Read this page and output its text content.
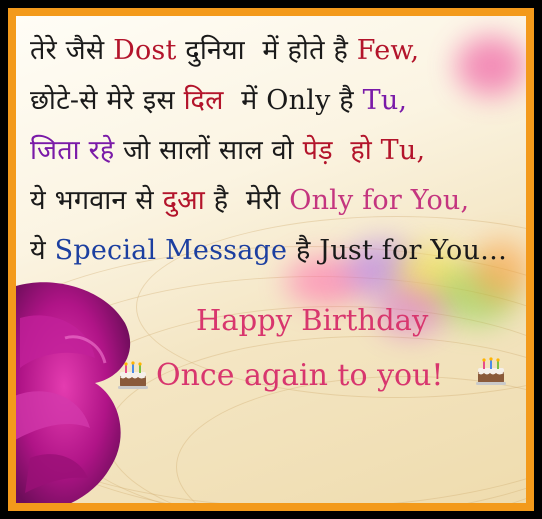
तेरे जैसे Dost दुनिया  में होते है Few,
छोटे-से मेरे इस दिल  में Only है Tu,
जिता रहे जो सालों साल वो पेड़  हो Tu,
ये भगवान से दुआ है  मेरी Only for You,
ये Special Message है Just for You…
Happy Birthday
Once again to you!
